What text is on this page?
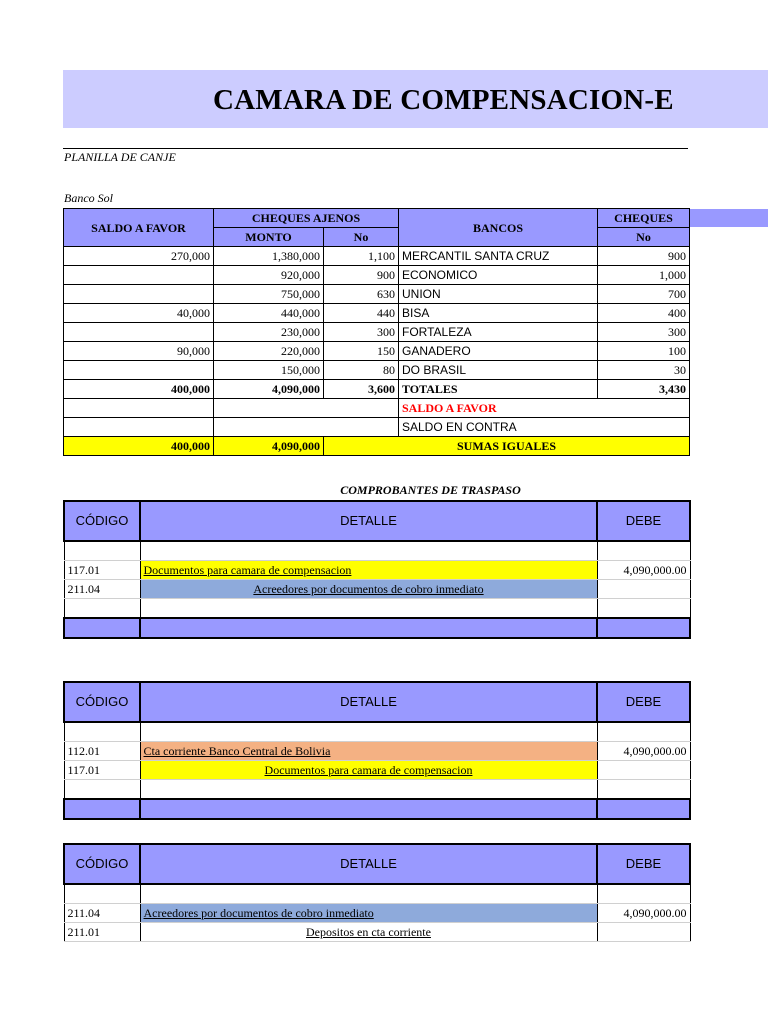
CAMARA DE COMPENSACION-E
PLANILLA DE CANJE
Banco Sol
SALDO A FAVOR	CHEQUES AJENOS		BANCOS	CHEQUES
	MONTO	No		No
270,000	1,380,000	1,100	MERCANTIL SANTA CRUZ	900
	920,000	900	ECONOMICO	1,000
	750,000	630	UNION	700
40,000	440,000	440	BISA	400
	230,000	300	FORTALEZA	300
90,000	220,000	150	GANADERO	100
	150,000	80	DO BRASIL	30
400,000	4,090,000	3,600	TOTALES	3,430
			SALDO A FAVOR	
			SALDO EN CONTRA	
400,000	4,090,000	SUMAS IGUALES		
COMPROBANTES DE TRASPASO
CÓDIGO	DETALLE	DEBE

117.01	Documentos para camara de compensacion	4,090,000.00
211.04	Acreedores por documentos de cobro inmediato	

CÓDIGO	DETALLE	DEBE

112.01	Cta corriente Banco Central de Bolivia	4,090,000.00
117.01	Documentos para camara de compensacion	

CÓDIGO	DETALLE	DEBE

211.04	Acreedores por documentos de cobro inmediato	4,090,000.00
211.01	Depositos en cta corriente	
